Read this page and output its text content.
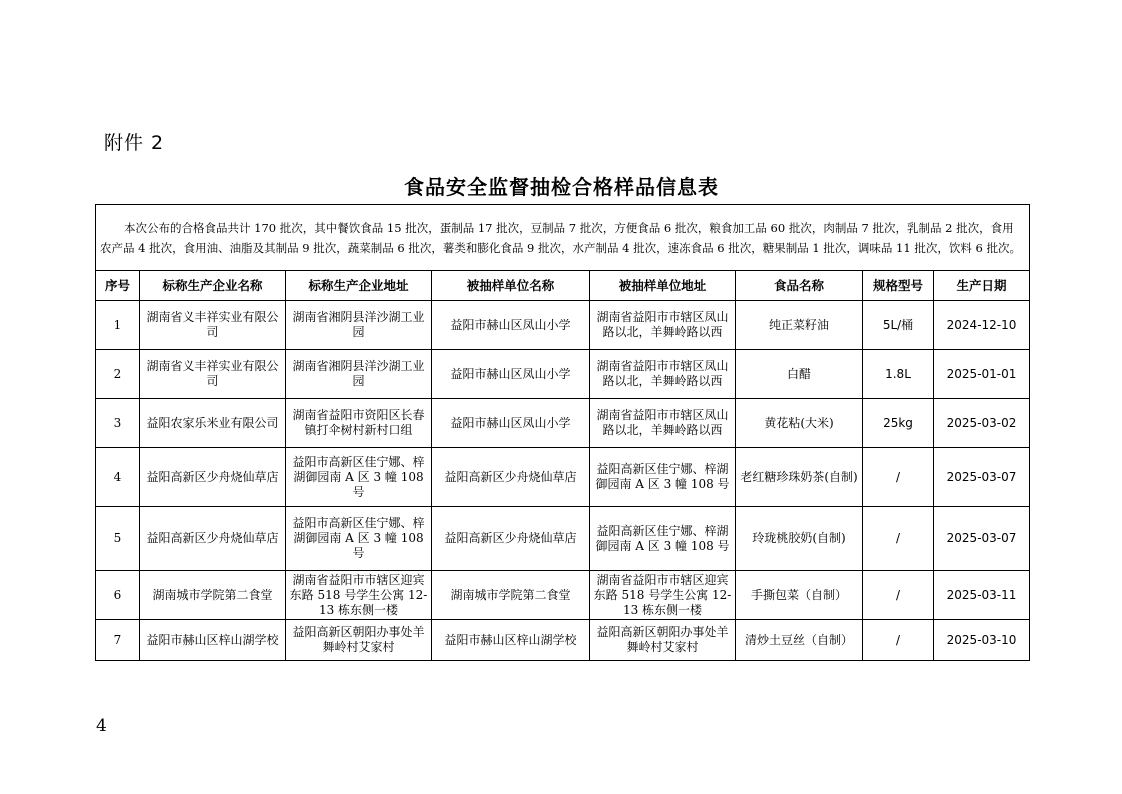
附件 2
食品安全监督抽检合格样品信息表
本次公布的合格食品共计 170 批次，其中餐饮食品 15 批次，蛋制品 17 批次，豆制品 7 批次，方便食品 6 批次，粮食加工品 60 批次，肉制品 7 批次，乳制品 2 批次，食用农产品 4 批次，食用油、油脂及其制品 9 批次，蔬菜制品 6 批次，薯类和膨化食品 9 批次，水产制品 4 批次，速冻食品 6 批次，糖果制品 1 批次，调味品 11 批次，饮料 6 批次。							
序号	标称生产企业名称	标称生产企业地址	被抽样单位名称	被抽样单位地址	食品名称	规格型号	生产日期
1	湖南省义丰祥实业有限公司	湖南省湘阴县洋沙湖工业园	益阳市赫山区凤山小学	湖南省益阳市市辖区凤山路以北，羊舞岭路以西	纯正菜籽油	5L/桶	2024-12-10
2	湖南省义丰祥实业有限公司	湖南省湘阴县洋沙湖工业园	益阳市赫山区凤山小学	湖南省益阳市市辖区凤山路以北，羊舞岭路以西	白醋	1.8L	2025-01-01
3	益阳农家乐米业有限公司	湖南省益阳市资阳区长春镇打伞树村新村口组	益阳市赫山区凤山小学	湖南省益阳市市辖区凤山路以北，羊舞岭路以西	黄花粘(大米)	25kg	2025-03-02
4	益阳高新区少舟烧仙草店	益阳市高新区佳宁娜、梓湖御园南 A 区 3 幢 108 号	益阳高新区少舟烧仙草店	益阳高新区佳宁娜、梓湖御园南 A 区 3 幢 108 号	老红糖珍珠奶茶(自制)	/	2025-03-07
5	益阳高新区少舟烧仙草店	益阳市高新区佳宁娜、梓湖御园南 A 区 3 幢 108 号	益阳高新区少舟烧仙草店	益阳高新区佳宁娜、梓湖御园南 A 区 3 幢 108 号	玲珑桃胶奶(自制)	/	2025-03-07
6	湖南城市学院第二食堂	湖南省益阳市市辖区迎宾东路 518 号学生公寓 12-13 栋东侧一楼	湖南城市学院第二食堂	湖南省益阳市市辖区迎宾东路 518 号学生公寓 12-13 栋东侧一楼	手撕包菜（自制）	/	2025-03-11
7	益阳市赫山区梓山湖学校	益阳高新区朝阳办事处羊舞岭村艾家村	益阳市赫山区梓山湖学校	益阳高新区朝阳办事处羊舞岭村艾家村	清炒土豆丝（自制）	/	2025-03-10
4
